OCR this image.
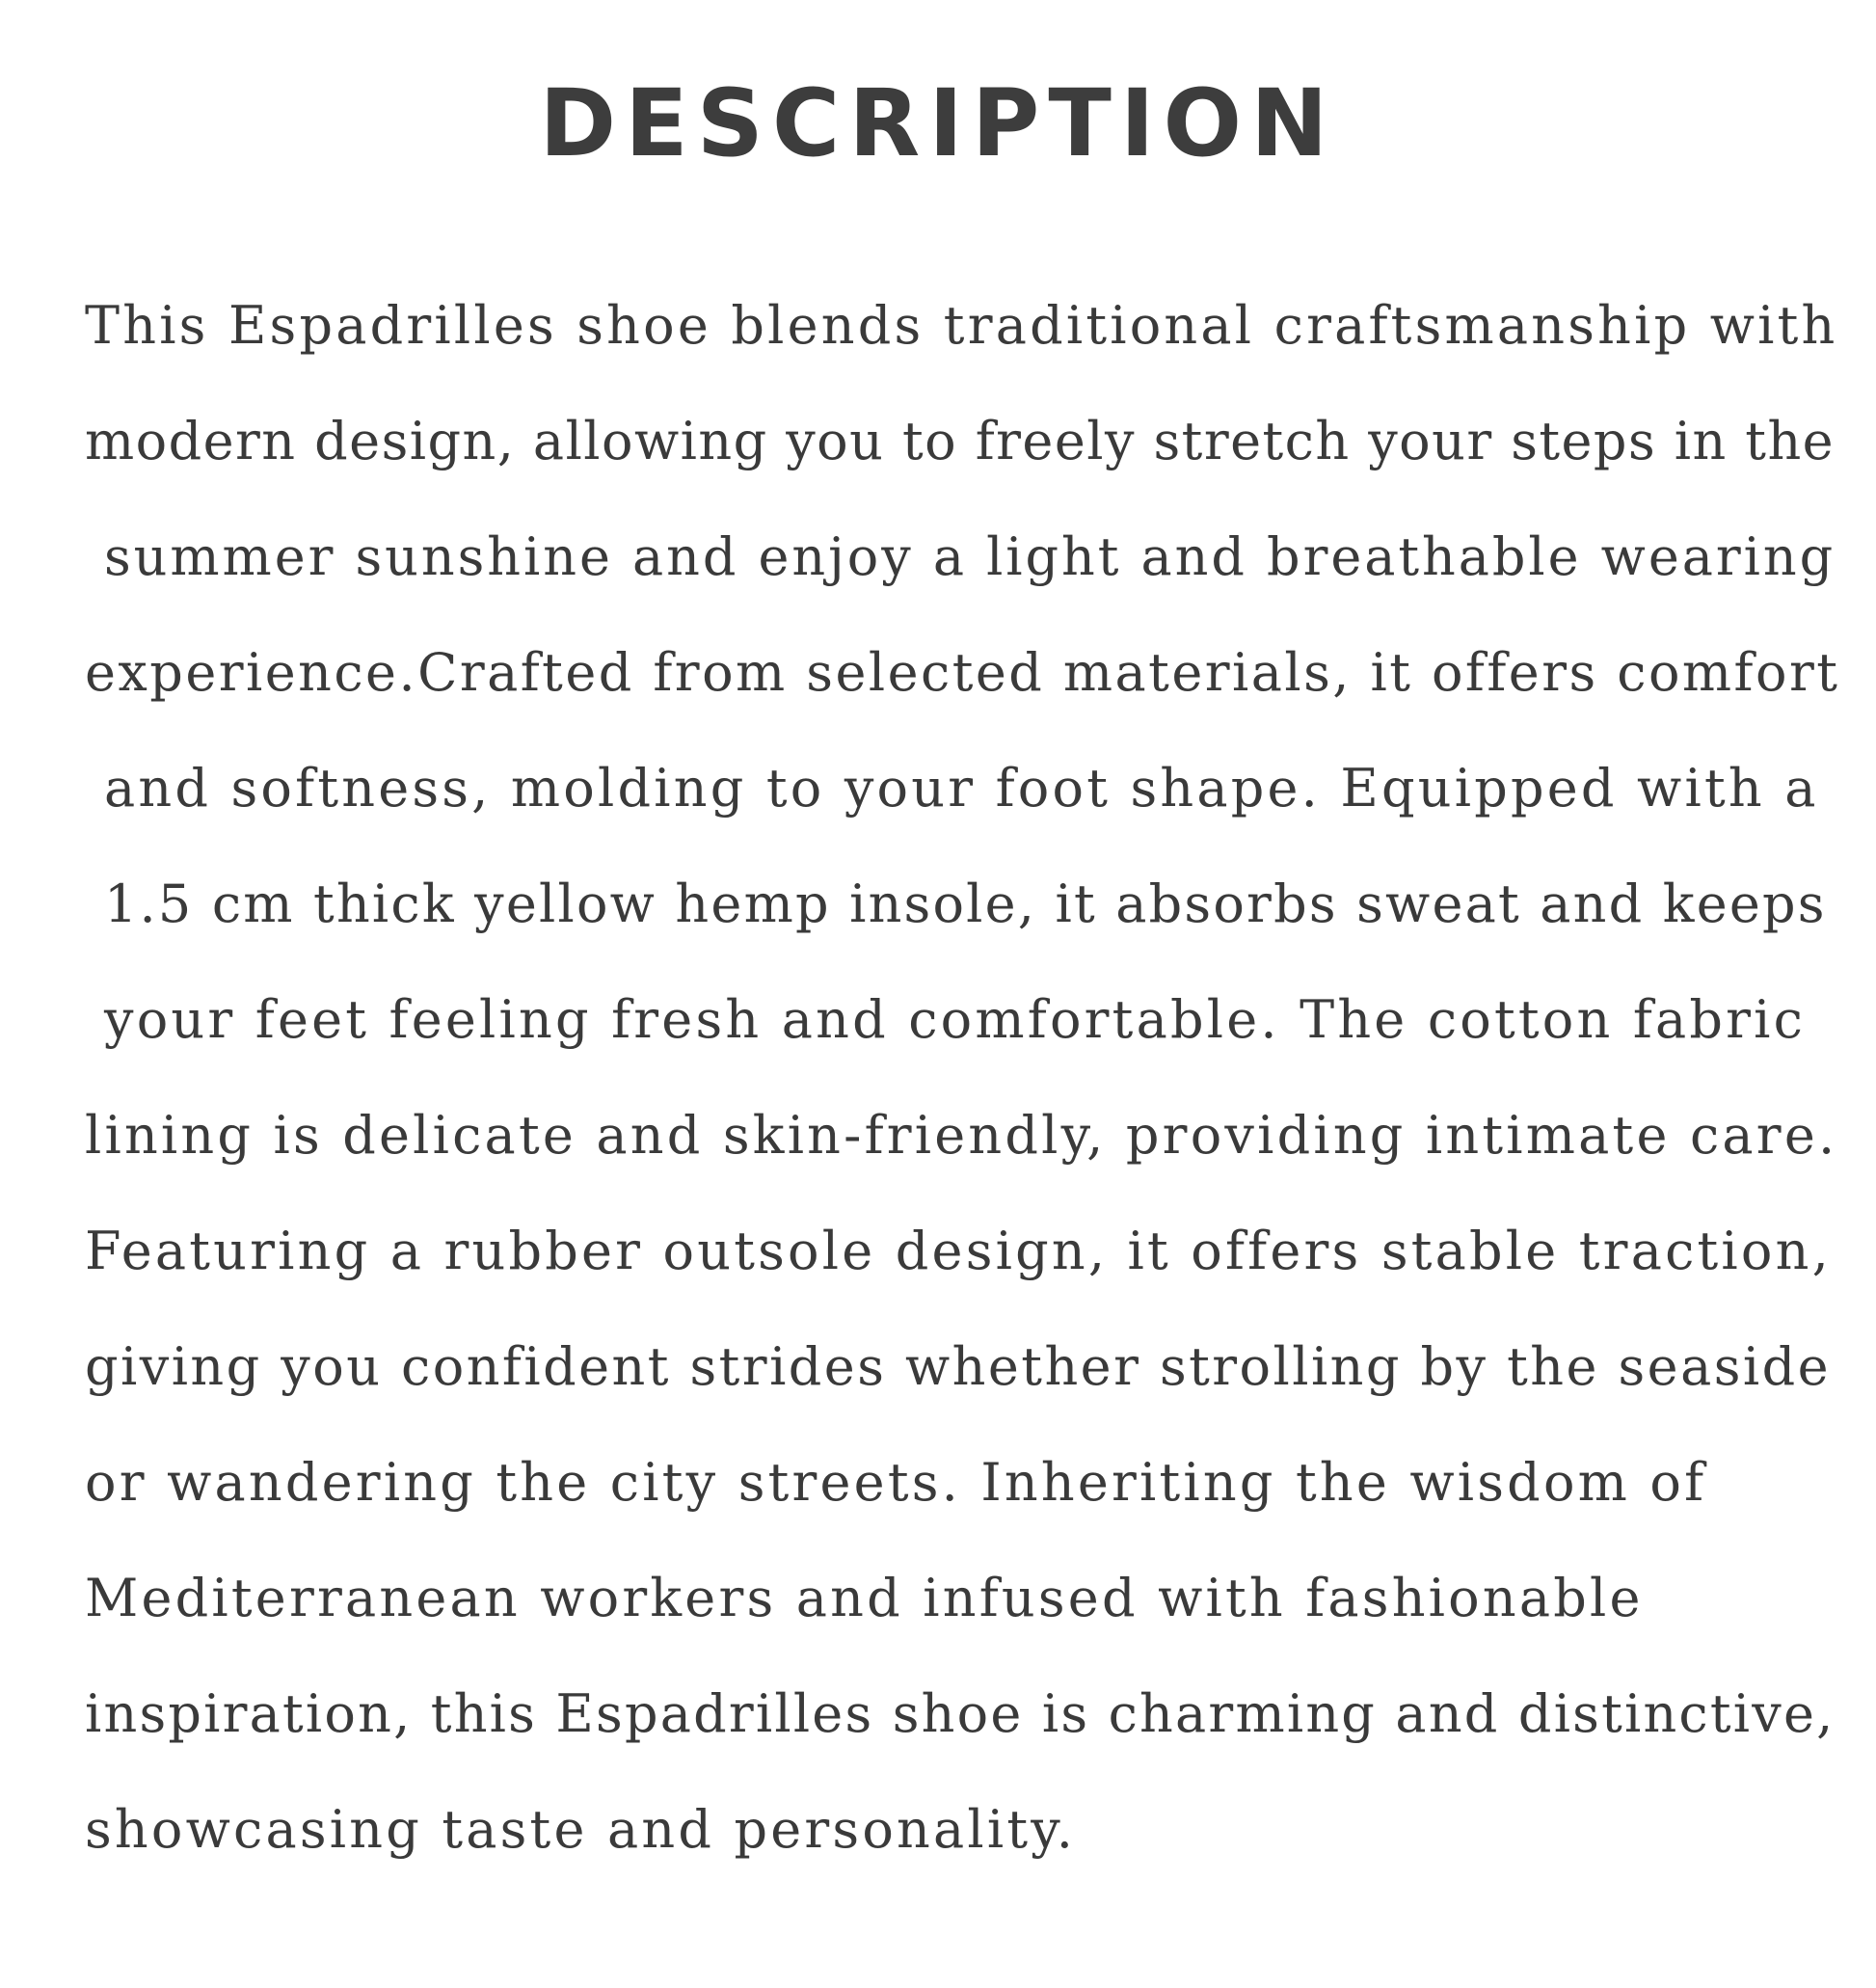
DESCRIPTION
This Espadrilles shoe blends traditional craftsmanship with
modern design, allowing you to freely stretch your steps in the
summer sunshine and enjoy a light and breathable wearing
experience.Crafted from selected materials, it offers comfort
and softness, molding to your foot shape. Equipped with a
1.5 cm thick yellow hemp insole, it absorbs sweat and keeps
your feet feeling fresh and comfortable. The cotton fabric
lining is delicate and skin-friendly, providing intimate care.
Featuring a rubber outsole design, it offers stable traction,
giving you confident strides whether strolling by the seaside
or wandering the city streets. Inheriting the wisdom of
Mediterranean workers and infused with fashionable
inspiration, this Espadrilles shoe is charming and distinctive,
showcasing taste and personality.
